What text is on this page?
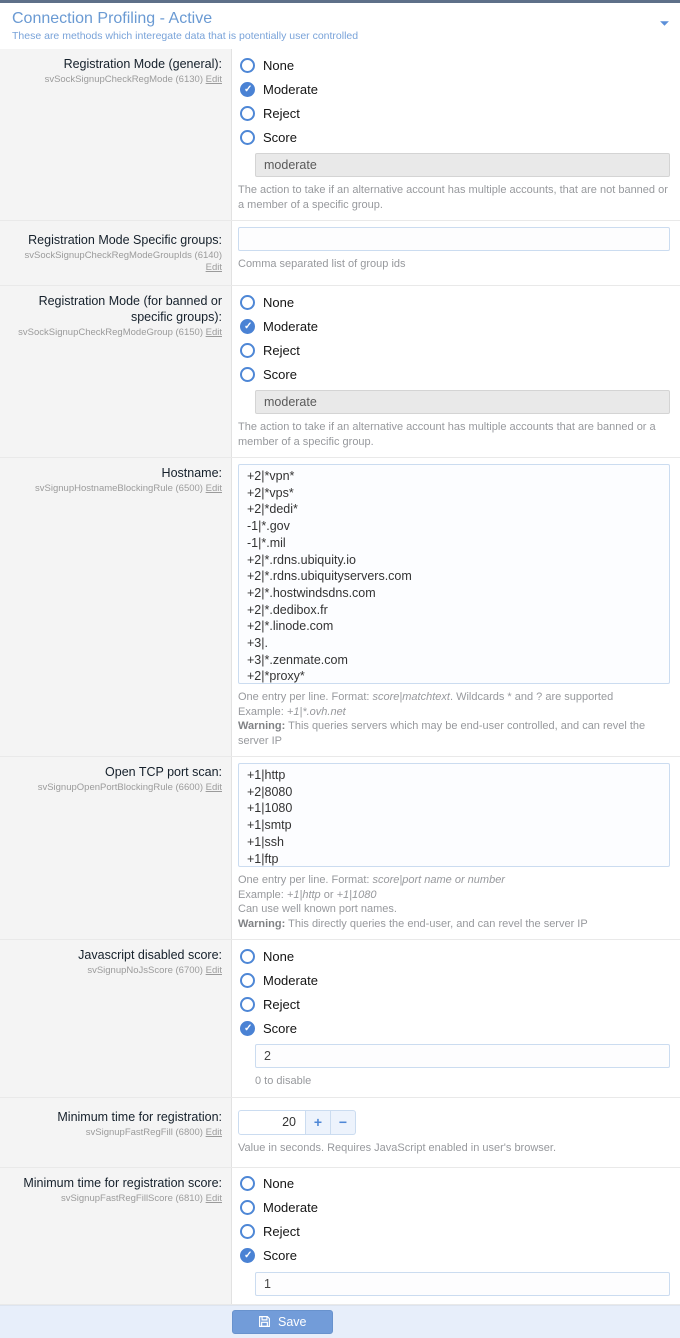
Connection Profiling - Active
These are methods which interegate data that is potentially user controlled
Registration Mode (general):
svSockSignupCheckRegMode (6130) Edit
None
✓
Moderate
Reject
Score
moderate
The action to take if an alternative account has multiple accounts, that are not banned or a member of a specific group.
Registration Mode Specific groups:
svSockSignupCheckRegModeGroupIds (6140) Edit Comma separated list of group ids
Registration Mode (for banned or specific groups):
svSockSignupCheckRegModeGroup (6150) Edit
None
✓
Moderate
Reject
Score
moderate
The action to take if an alternative account has multiple accounts that are banned or a member of a specific group.
Hostname:
svSignupHostnameBlockingRule (6500) Edit
+2|*vpn* +2|*vps* +2|*dedi* -1|*.gov -1|*.mil +2|*.rdns.ubiquity.io +2|*.rdns.ubiquityservers.com +2|*.hostwindsdns.com +2|*.dedibox.fr +2|*.linode.com +3|. +3|*.zenmate.com +2|*proxy*
One entry per line. Format: score|matchtext. Wildcards * and ? are supported
Example: +1|*.ovh.net
Warning: This queries servers which may be end-user controlled, and can revel the server IP
Open TCP port scan:
svSignupOpenPortBlockingRule (6600) Edit
+1|http +2|8080 +1|1080 +1|smtp +1|ssh +1|ftp
One entry per line. Format: score|port name or number
Example: +1|http or +1|1080
Can use well known port names.
Warning: This directly queries the end-user, and can revel the server IP
Javascript disabled score:
svSignupNoJsScore (6700) Edit
None
Moderate
Reject
✓
Score
2
0 to disable
Minimum time for registration:
svSignupFastRegFill (6800) Edit
20
+	−
Value in seconds. Requires JavaScript enabled in user's browser.
Minimum time for registration score:
svSignupFastRegFillScore (6810) Edit
None
Moderate
Reject
✓
Score
1
Save
